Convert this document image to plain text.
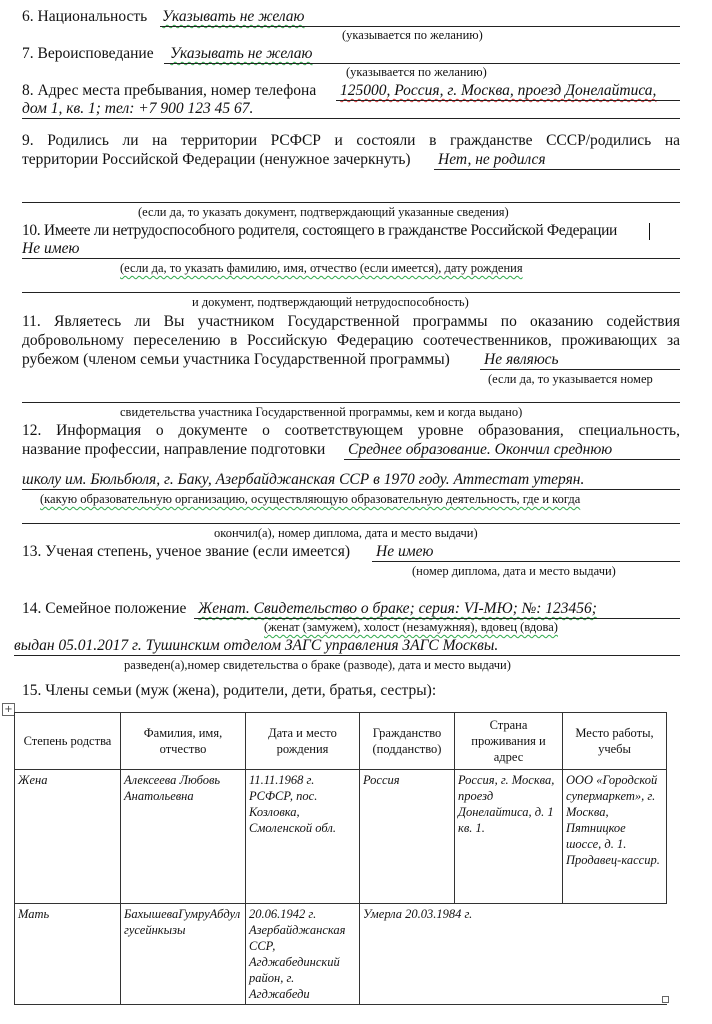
6. Национальность Указывать не желаю
(указывается по желанию)
7. Вероисповедание Указывать не желаю
(указывается по желанию)
8. Адрес места пребывания, номер телефона 125000, Россия, г. Москва, проезд Донелайтиса,
дом 1, кв. 1; тел: +7 900 123 45 67.
9. Родились ли на территории РСФСР и состояли в гражданстве СССР/родились на
территории Российской Федерации (ненужное зачеркнуть) Нет, не родился
(если да, то указать документ, подтверждающий указанные сведения)
10. Имеете ли нетрудоспособного родителя, состоящего в гражданстве Российской Федерации
Не имею
(если да, то указать фамилию, имя, отчество (если имеется), дату рождения
и документ, подтверждающий нетрудоспособность)
11. Являетесь ли Вы участником Государственной программы по оказанию содействия
добровольному переселению в Российскую Федерацию соотечественников, проживающих за
рубежом (членом семьи участника Государственной программы) Не являюсь
(если да, то указывается номер
свидетельства участника Государственной программы, кем и когда выдано)
12. Информация о документе о соответствующем уровне образования, специальность,
название профессии, направление подготовки Среднее образование. Окончил среднюю
школу им. Бюльбюля, г. Баку, Азербайджанская ССР в 1970 году. Аттестат утерян.
(какую образовательную организацию, осуществляющую образовательную деятельность, где и когда
окончил(а), номер диплома, дата и место выдачи)
13. Ученая степень, ученое звание (если имеется) Не имею
(номер диплома, дата и место выдачи)
14. Семейное положение Женат. Свидетельство о браке; серия: VI-МЮ; №: 123456;
(женат (замужем), холост (незамужняя), вдовец (вдова)
выдан 05.01.2017 г. Тушинским отделом ЗАГС управления ЗАГС Москвы.
разведен(а),номер свидетельства о браке (разводе), дата и место выдачи)
15. Члены семьи (муж (жена), родители, дети, братья, сестры):
+
Степень родства	Фамилия, имя, отчество	Дата и место рождения	Гражданство (подданство)	Страна проживания и адрес	Место работы, учебы
Жена	Алексеева Любовь Анатольевна	11.11.1968 г. РСФСР, пос. Козловка, Смоленской обл.	Россия	Россия, г. Москва, проезд Донелайтиса, д. 1 кв. 1.	ООО «Городской супермаркет», г. Москва, Пятницкое шоссе, д. 1. Продавец-кассир.
Мать	БахышеваГумруАбдулгусейнкызы	20.06.1942 г. Азербайджанская ССР, Агджабединский район, г. Агджабеди	Умерла 20.03.1984 г.		
